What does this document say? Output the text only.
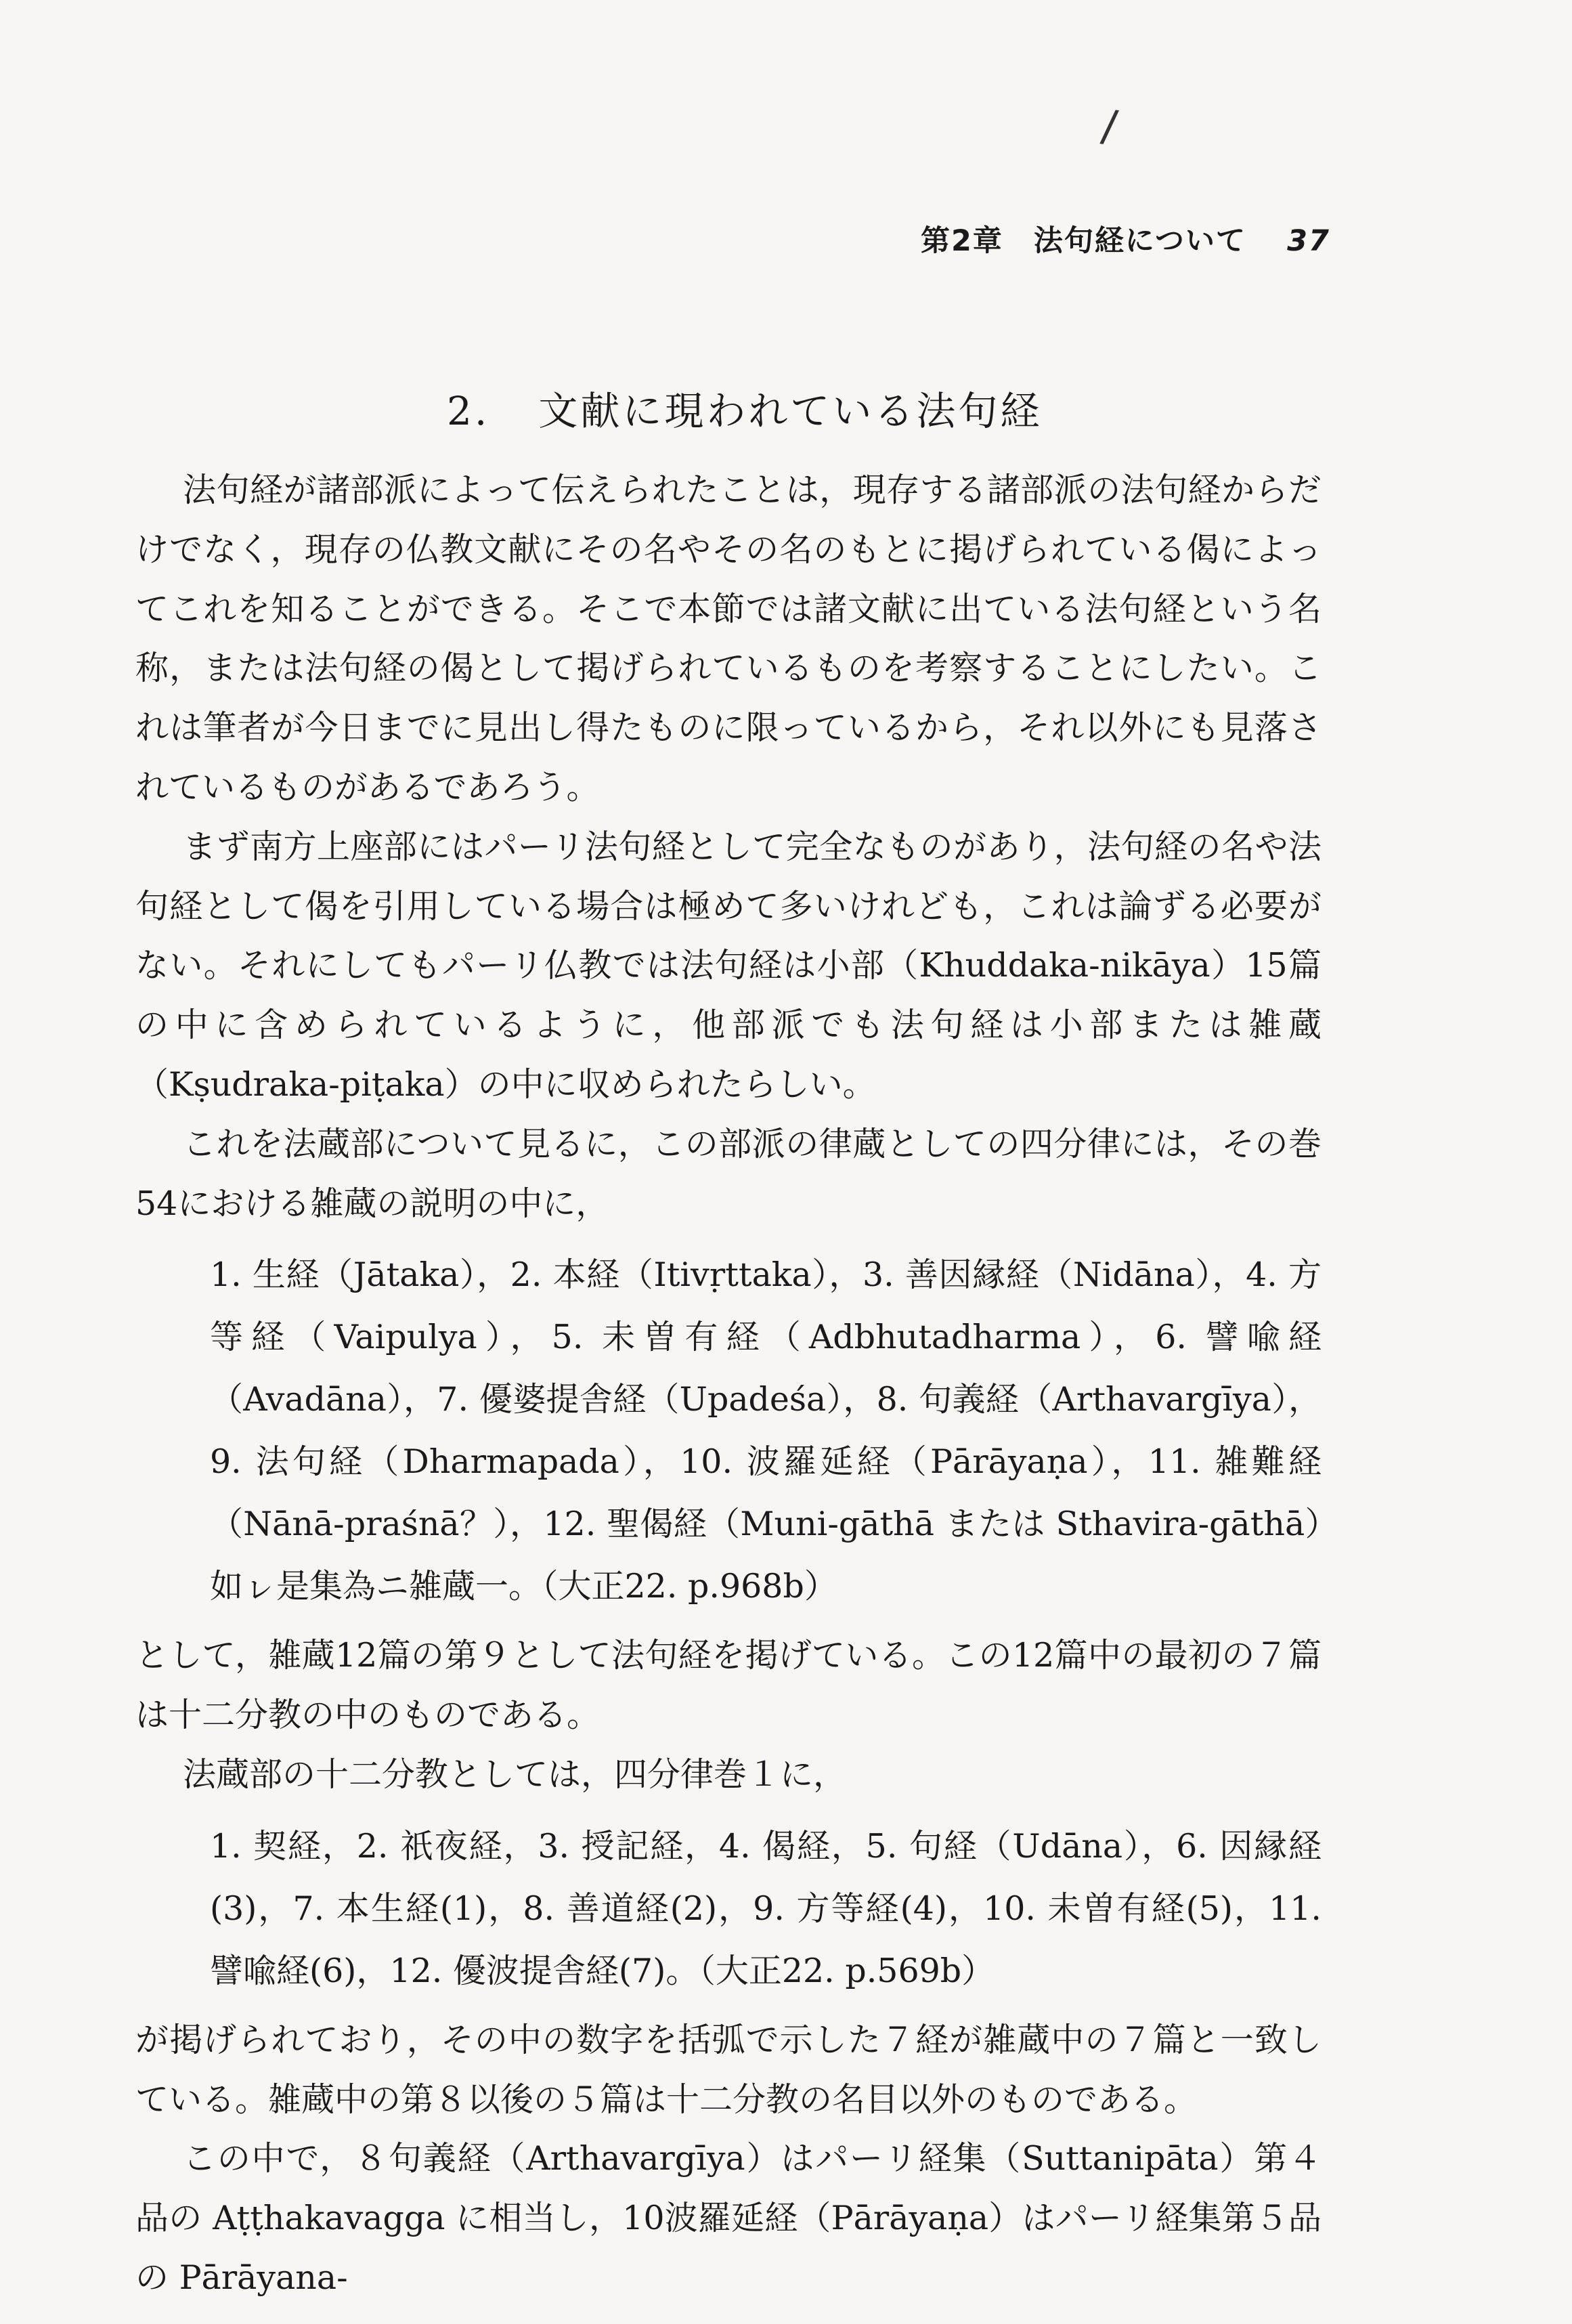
/
第2章　法句経について 37
2. 文献に現われている法句経

法句経が諸部派によって伝えられたことは，現存する諸部派の法句経からだけでなく，現存の仏教文献にその名やその名のもとに掲げられている偈によってこれを知ることができる。そこで本節では諸文献に出ている法句経という名称，または法句経の偈として掲げられているものを考察することにしたい。これは筆者が今日までに見出し得たものに限っているから，それ以外にも見落されているものがあるであろう。

まず南方上座部にはパーリ法句経として完全なものがあり，法句経の名や法句経として偈を引用している場合は極めて多いけれども，これは論ずる必要がない。それにしてもパーリ仏教では法句経は小部（Khuddaka-nikāya）15篇の中に含められているように，他部派でも法句経は小部または雑蔵（Kṣudraka-piṭaka）の中に収められたらしい。

これを法蔵部について見るに，この部派の律蔵としての四分律には，その巻54における雑蔵の説明の中に，

1. 生経（Jātaka），2. 本経（Itivṛttaka），3. 善因縁経（Nidāna），4. 方等経（Vaipulya），5. 未曽有経（Adbhutadharma），6. 譬喩経（Avadāna），7. 優婆提舎経（Upadeśa），8. 句義経（Arthavargīya），9. 法句経（Dharmapada），10. 波羅延経（Pārāyaṇa），11. 雑難経（Nānā-praśnā？），12. 聖偈経（Muni-gāthā または Sthavira-gāthā）如ㇾ是集為ニ雑蔵一。（大正22. p.968b）

として，雑蔵12篇の第９として法句経を掲げている。この12篇中の最初の７篇は十二分教の中のものである。

法蔵部の十二分教としては，四分律巻１に，

1. 契経，2. 祇夜経，3. 授記経，4. 偈経，5. 句経（Udāna），6. 因縁経(3)，7. 本生経(1)，8. 善道経(2)，9. 方等経(4)，10. 未曽有経(5)，11. 譬喩経(6)，12. 優波提舎経(7)。（大正22. p.569b）

が掲げられており，その中の数字を括弧で示した７経が雑蔵中の７篇と一致している。雑蔵中の第８以後の５篇は十二分教の名目以外のものである。

この中で，８句義経（Arthavargīya）はパーリ経集（Suttanipāta）第４品の Aṭṭhakavagga に相当し，10波羅延経（Pārāyaṇa）はパーリ経集第５品の Pārāyana-
